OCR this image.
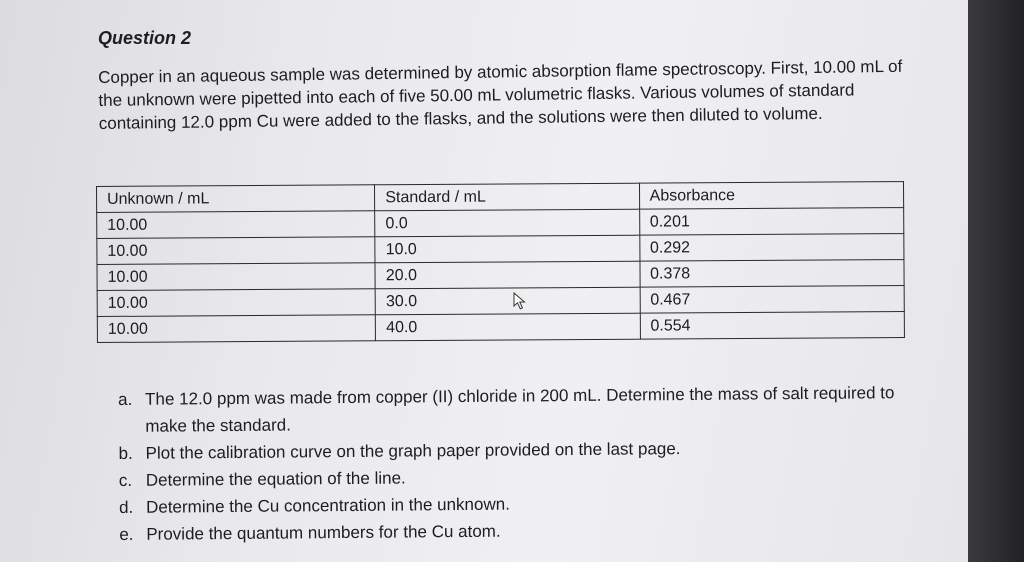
Question 2
Copper in an aqueous sample was determined by atomic absorption flame spectroscopy. First, 10.00 mL of the unknown were pipetted into each of five 50.00 mL volumetric flasks. Various volumes of standard containing 12.0 ppm Cu were added to the flasks, and the solutions were then diluted to volume.
Unknown / mL	Standard / mL	Absorbance
10.00	0.0	0.201
10.00	10.0	0.292
10.00	20.0	0.378
10.00	30.0	0.467
10.00	40.0	0.554
a. The 12.0 ppm was made from copper (II) chloride in 200 mL. Determine the mass of salt required to make the standard.
b. Plot the calibration curve on the graph paper provided on the last page.
c. Determine the equation of the line.
d. Determine the Cu concentration in the unknown.
e. Provide the quantum numbers for the Cu atom.
